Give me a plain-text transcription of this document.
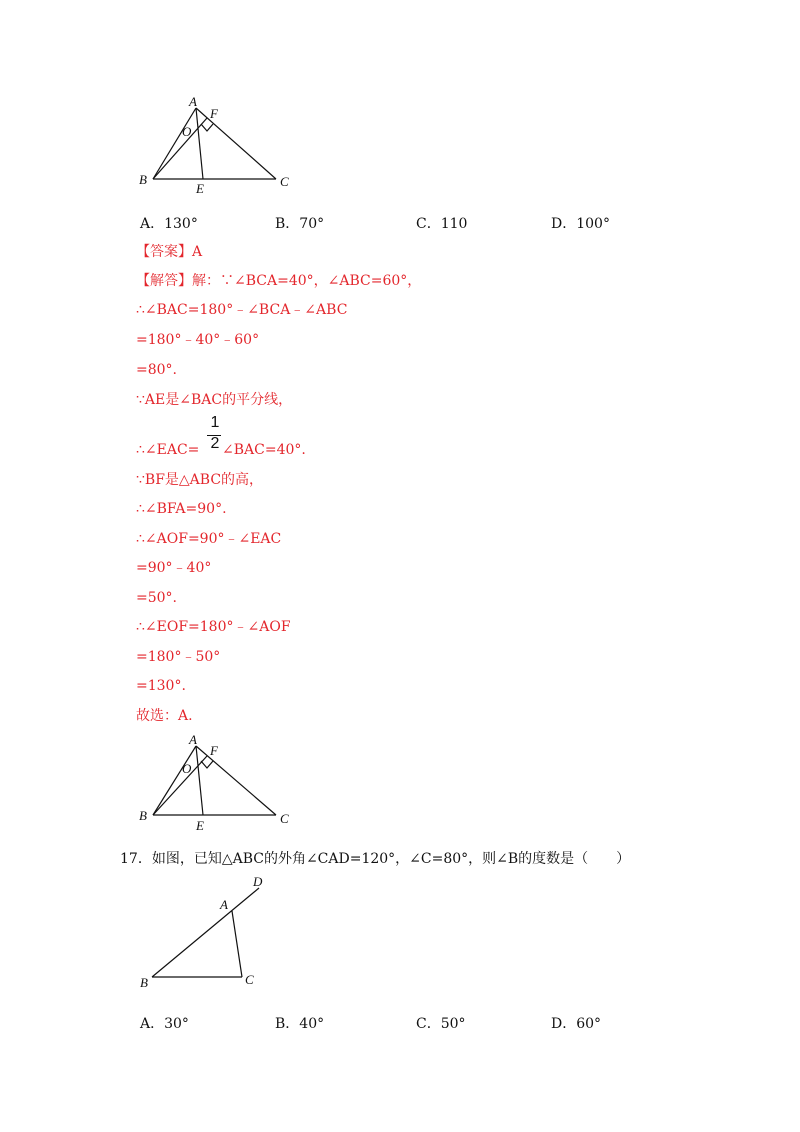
A
F
O
B
E	C
A．130°	B．70°	C．110	D．100°
【答案】A
【解答】解：∵∠BCA=40°，∠ABC=60°，
∴∠BAC=180°﹣∠BCA﹣∠ABC
=180°﹣40°﹣60°
=80°.
∵AE是∠BAC的平分线，
∴∠EAC=
1
2 ∠BAC=40°.
∵BF是△ABC的高，
∴∠BFA=90°.
∴∠AOF=90°﹣∠EAC
=90°﹣40°
=50°.
∴∠EOF=180°﹣∠AOF
=180°﹣50°
=130°.
故选：A.
A
F
O
B
E	C
17．如图，已知△ABC的外角∠CAD=120°，∠C=80°，则∠B的度数是（　　）
D
A
B	C
A．30°	B．40°	C．50°	D．60°
